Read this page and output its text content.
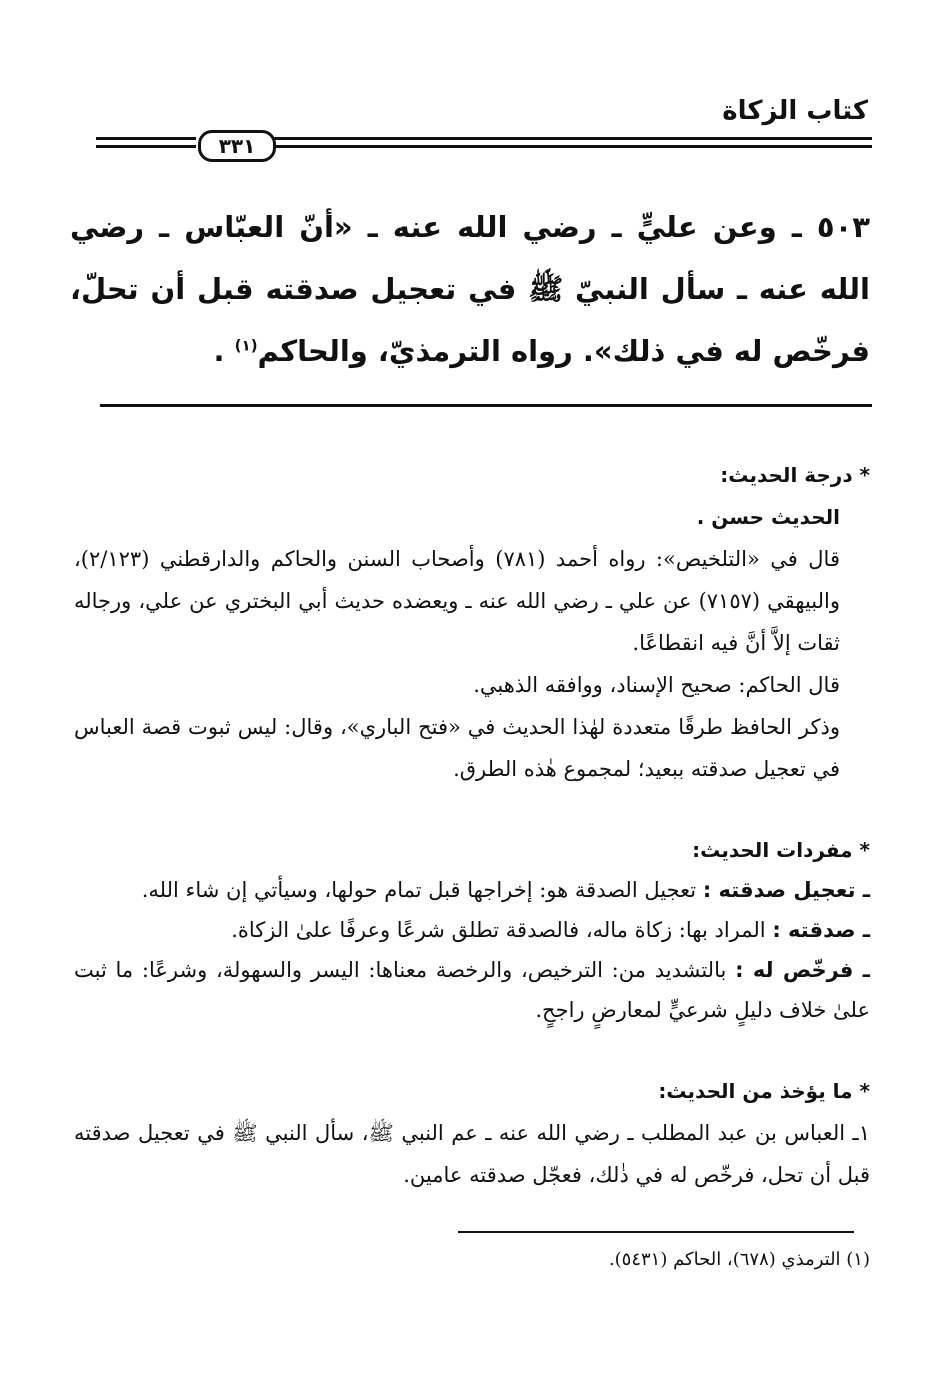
كتاب الزكاة
٣٣١
٥٠٣ ـ وعن عليٍّ ـ رضي الله عنه ـ «أنّ العبّاس ـ رضي الله عنه ـ سأل النبيّ ﷺ في تعجيل صدقته قبل أن تحلّ، فرخّص له في ذلك». رواه الترمذيّ، والحاكم$^{(١)}$ .
* درجة الحديث:
الحديث حسن .
قال في «التلخيص»: رواه أحمد (٧٨١) وأصحاب السنن والحاكم والدارقطني (٢/١٢٣)، والبيهقي (٧١٥٧) عن علي ـ رضي الله عنه ـ ويعضده حديث أبي البختري عن علي، ورجاله ثقات إلاَّ أنَّ فيه انقطاعًا.
قال الحاكم: صحيح الإسناد، ووافقه الذهبي.
وذكر الحافظ طرقًا متعددة لهٰذا الحديث في «فتح الباري»، وقال: ليس ثبوت قصة العباس في تعجيل صدقته ببعيد؛ لمجموع هٰذه الطرق.
* مفردات الحديث:
ـ تعجيل صدقته : تعجيل الصدقة هو: إخراجها قبل تمام حولها، وسيأتي إن شاء الله.
ـ صدقته : المراد بها: زكاة ماله، فالصدقة تطلق شرعًا وعرفًا علىٰ الزكاة.
ـ فرخّص له : بالتشديد من: الترخيص، والرخصة معناها: اليسر والسهولة، وشرعًا: ما ثبت علىٰ خلاف دليلٍ شرعيٍّ لمعارضٍ راجحٍ.
* ما يؤخذ من الحديث:
١ـ العباس بن عبد المطلب ـ رضي الله عنه ـ عم النبي ﷺ، سأل النبي ﷺ في تعجيل صدقته قبل أن تحل، فرخّص له في ذٰلك، فعجّل صدقته عامين.
(١) الترمذي (٦٧٨)، الحاكم (٥٤٣١).
